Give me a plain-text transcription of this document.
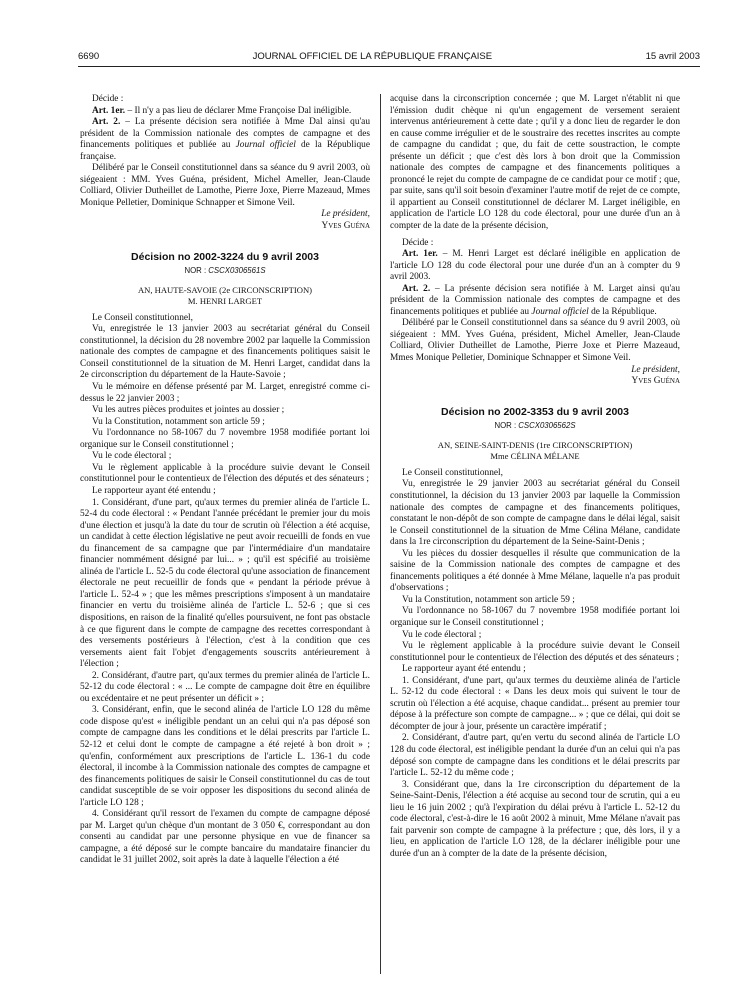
6690	JOURNAL OFFICIEL DE LA RÉPUBLIQUE FRANÇAISE	15 avril 2003

Décide :

Art. 1er. – Il n'y a pas lieu de déclarer Mme Françoise Dal inéligible.

Art. 2. – La présente décision sera notifiée à Mme Dal ainsi qu'au président de la Commission nationale des comptes de campagne et des financements politiques et publiée au Journal officiel de la République française.

Délibéré par le Conseil constitutionnel dans sa séance du 9 avril 2003, où siégeaient : MM. Yves Guéna, président, Michel Ameller, Jean-Claude Colliard, Olivier Dutheillet de Lamothe, Pierre Joxe, Pierre Mazeaud, Mmes Monique Pelletier, Dominique Schnapper et Simone Veil.

Le président,

Yves Guéna

Décision no 2002-3224 du 9 avril 2003

NOR : CSCX0306561S

AN, HAUTE-SAVOIE (2e CIRCONSCRIPTION)

M. HENRI LARGET

Le Conseil constitutionnel,

Vu, enregistrée le 13 janvier 2003 au secrétariat général du Conseil constitutionnel, la décision du 28 novembre 2002 par laquelle la Commission nationale des comptes de campagne et des financements politiques saisit le Conseil constitutionnel de la situation de M. Henri Larget, candidat dans la 2e circonscription du département de la Haute-Savoie ;

Vu le mémoire en défense présenté par M. Larget, enregistré comme ci-dessus le 22 janvier 2003 ;

Vu les autres pièces produites et jointes au dossier ;

Vu la Constitution, notamment son article 59 ;

Vu l'ordonnance no 58-1067 du 7 novembre 1958 modifiée portant loi organique sur le Conseil constitutionnel ;

Vu le code électoral ;

Vu le règlement applicable à la procédure suivie devant le Conseil constitutionnel pour le contentieux de l'élection des députés et des sénateurs ;

Le rapporteur ayant été entendu ;

1. Considérant, d'une part, qu'aux termes du premier alinéa de l'article L. 52-4 du code électoral : « Pendant l'année précédant le premier jour du mois d'une élection et jusqu'à la date du tour de scrutin où l'élection a été acquise, un candidat à cette élection législative ne peut avoir recueilli de fonds en vue du financement de sa campagne que par l'intermédiaire d'un mandataire financier nommément désigné par lui... » ; qu'il est spécifié au troisième alinéa de l'article L. 52-5 du code électoral qu'une association de financement électorale ne peut recueillir de fonds que « pendant la période prévue à l'article L. 52-4 » ; que les mêmes prescriptions s'imposent à un mandataire financier en vertu du troisième alinéa de l'article L. 52-6 ; que si ces dispositions, en raison de la finalité qu'elles poursuivent, ne font pas obstacle à ce que figurent dans le compte de campagne des recettes correspondant à des versements postérieurs à l'élection, c'est à la condition que ces versements aient fait l'objet d'engagements souscrits antérieurement à l'élection ;

2. Considérant, d'autre part, qu'aux termes du premier alinéa de l'article L. 52-12 du code électoral : « ... Le compte de campagne doit être en équilibre ou excédentaire et ne peut présenter un déficit » ;

3. Considérant, enfin, que le second alinéa de l'article LO 128 du même code dispose qu'est « inéligible pendant un an celui qui n'a pas déposé son compte de campagne dans les conditions et le délai prescrits par l'article L. 52-12 et celui dont le compte de campagne a été rejeté à bon droit » ; qu'enfin, conformément aux prescriptions de l'article L. 136-1 du code électoral, il incombe à la Commission nationale des comptes de campagne et des financements politiques de saisir le Conseil constitutionnel du cas de tout candidat susceptible de se voir opposer les dispositions du second alinéa de l'article LO 128 ;

4. Considérant qu'il ressort de l'examen du compte de campagne déposé par M. Larget qu'un chèque d'un montant de 3 050 €, correspondant au don consenti au candidat par une personne physique en vue de financer sa campagne, a été déposé sur le compte bancaire du mandataire financier du candidat le 31 juillet 2002, soit après la date à laquelle l'élection a été

acquise dans la circonscription concernée ; que M. Larget n'établit ni que l'émission dudit chèque ni qu'un engagement de versement seraient intervenus antérieurement à cette date ; qu'il y a donc lieu de regarder le don en cause comme irrégulier et de le soustraire des recettes inscrites au compte de campagne du candidat ; que, du fait de cette soustraction, le compte présente un déficit ; que c'est dès lors à bon droit que la Commission nationale des comptes de campagne et des financements politiques a prononcé le rejet du compte de campagne de ce candidat pour ce motif ; que, par suite, sans qu'il soit besoin d'examiner l'autre motif de rejet de ce compte, il appartient au Conseil constitutionnel de déclarer M. Larget inéligible, en application de l'article LO 128 du code électoral, pour une durée d'un an à compter de la date de la présente décision,

Décide :

Art. 1er. – M. Henri Larget est déclaré inéligible en application de l'article LO 128 du code électoral pour une durée d'un an à compter du 9 avril 2003.

Art. 2. – La présente décision sera notifiée à M. Larget ainsi qu'au président de la Commission nationale des comptes de campagne et des financements politiques et publiée au Journal officiel de la République.

Délibéré par le Conseil constitutionnel dans sa séance du 9 avril 2003, où siégeaient : MM. Yves Guéna, président, Michel Ameller, Jean-Claude Colliard, Olivier Dutheillet de Lamothe, Pierre Joxe et Pierre Mazeaud, Mmes Monique Pelletier, Dominique Schnapper et Simone Veil.

Le président,

Yves Guéna

Décision no 2002-3353 du 9 avril 2003

NOR : CSCX0306562S

AN, SEINE-SAINT-DENIS (1re CIRCONSCRIPTION)

Mme CÉLINA MÉLANE

Le Conseil constitutionnel,

Vu, enregistrée le 29 janvier 2003 au secrétariat général du Conseil constitutionnel, la décision du 13 janvier 2003 par laquelle la Commission nationale des comptes de campagne et des financements politiques, constatant le non-dépôt de son compte de campagne dans le délai légal, saisit le Conseil constitutionnel de la situation de Mme Célina Mélane, candidate dans la 1re circonscription du département de la Seine-Saint-Denis ;

Vu les pièces du dossier desquelles il résulte que communication de la saisine de la Commission nationale des comptes de campagne et des financements politiques a été donnée à Mme Mélane, laquelle n'a pas produit d'observations ;

Vu la Constitution, notamment son article 59 ;

Vu l'ordonnance no 58-1067 du 7 novembre 1958 modifiée portant loi organique sur le Conseil constitutionnel ;

Vu le code électoral ;

Vu le règlement applicable à la procédure suivie devant le Conseil constitutionnel pour le contentieux de l'élection des députés et des sénateurs ;

Le rapporteur ayant été entendu ;

1. Considérant, d'une part, qu'aux termes du deuxième alinéa de l'article L. 52-12 du code électoral : « Dans les deux mois qui suivent le tour de scrutin où l'élection a été acquise, chaque candidat... présent au premier tour dépose à la préfecture son compte de campagne... » ; que ce délai, qui doit se décompter de jour à jour, présente un caractère impératif ;

2. Considérant, d'autre part, qu'en vertu du second alinéa de l'article LO 128 du code électoral, est inéligible pendant la durée d'un an celui qui n'a pas déposé son compte de campagne dans les conditions et le délai prescrits par l'article L. 52-12 du même code ;

3. Considérant que, dans la 1re circonscription du département de la Seine-Saint-Denis, l'élection a été acquise au second tour de scrutin, qui a eu lieu le 16 juin 2002 ; qu'à l'expiration du délai prévu à l'article L. 52-12 du code électoral, c'est-à-dire le 16 août 2002 à minuit, Mme Mélane n'avait pas fait parvenir son compte de campagne à la préfecture ; que, dès lors, il y a lieu, en application de l'article LO 128, de la déclarer inéligible pour une durée d'un an à compter de la date de la présente décision,
